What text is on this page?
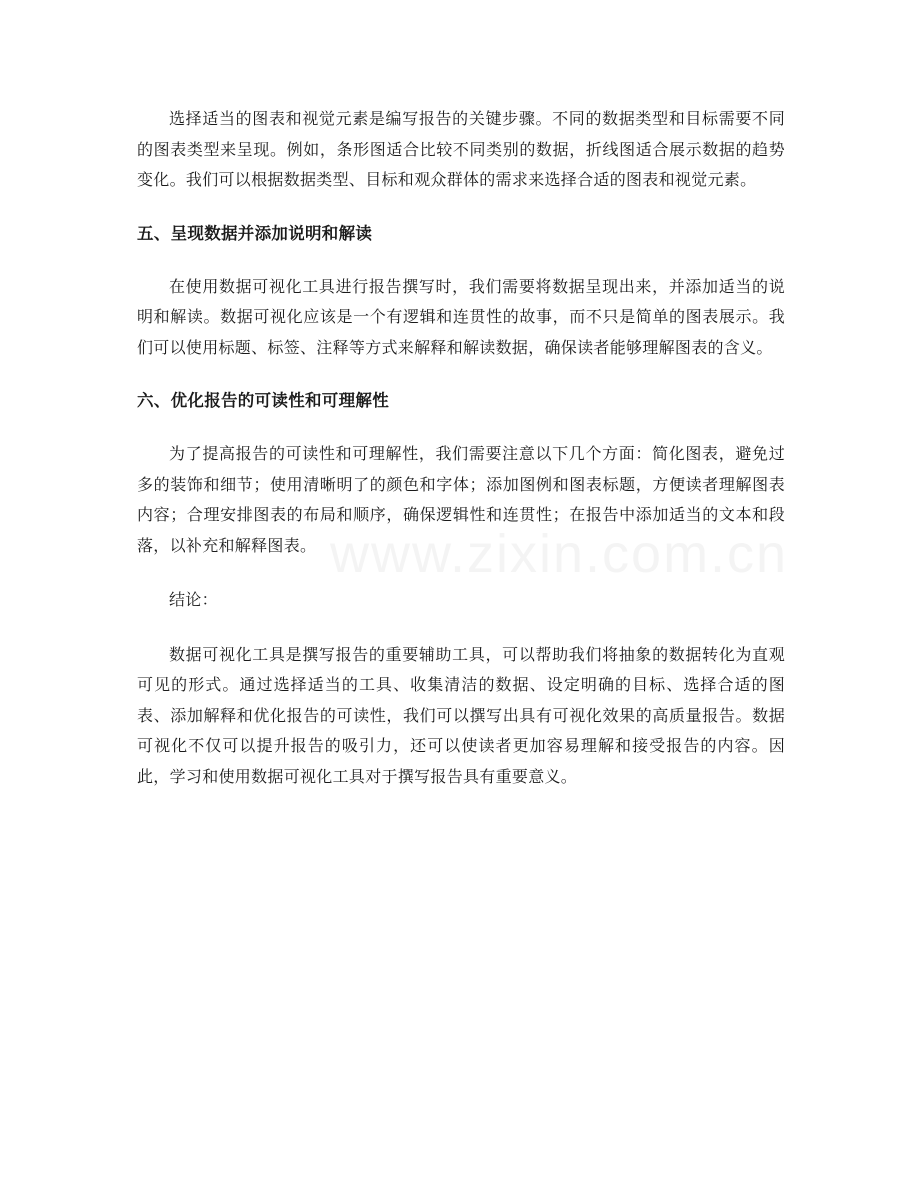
选择适当的图表和视觉元素是编写报告的关键步骤。不同的数据类型和目标需要不同的图表类型来呈现。例如，条形图适合比较不同类别的数据，折线图适合展示数据的趋势变化。我们可以根据数据类型、目标和观众群体的需求来选择合适的图表和视觉元素。

五、呈现数据并添加说明和解读

在使用数据可视化工具进行报告撰写时，我们需要将数据呈现出来，并添加适当的说明和解读。数据可视化应该是一个有逻辑和连贯性的故事，而不只是简单的图表展示。我们可以使用标题、标签、注释等方式来解释和解读数据，确保读者能够理解图表的含义。

六、优化报告的可读性和可理解性

为了提高报告的可读性和可理解性，我们需要注意以下几个方面：简化图表，避免过多的装饰和细节；使用清晰明了的颜色和字体；添加图例和图表标题，方便读者理解图表内容；合理安排图表的布局和顺序，确保逻辑性和连贯性；在报告中添加适当的文本和段落，以补充和解释图表。

结论：

数据可视化工具是撰写报告的重要辅助工具，可以帮助我们将抽象的数据转化为直观可见的形式。通过选择适当的工具、收集清洁的数据、设定明确的目标、选择合适的图表、添加解释和优化报告的可读性，我们可以撰写出具有可视化效果的高质量报告。数据可视化不仅可以提升报告的吸引力，还可以使读者更加容易理解和接受报告的内容。因此，学习和使用数据可视化工具对于撰写报告具有重要意义。

www.zixin.com.cn
